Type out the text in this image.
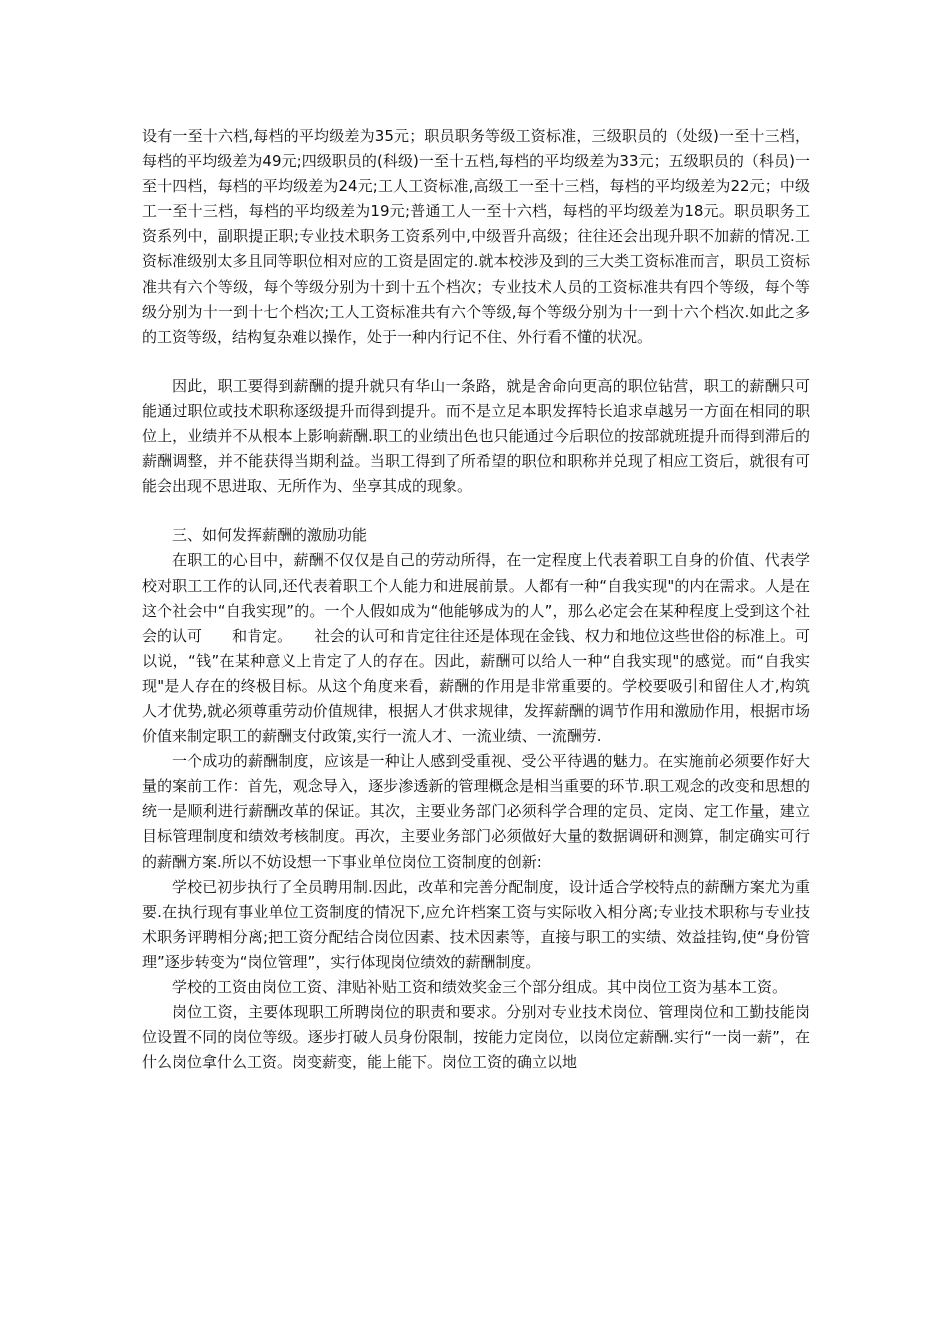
设有一至十六档,每档的平均级差为35元；职员职务等级工资标准，三级职员的（处级)一至十三档，每档的平均级差为49元;四级职员的(科级)一至十五档,每档的平均级差为33元；五级职员的（科员)一至十四档，每档的平均级差为24元;工人工资标准,高级工一至十三档，每档的平均级差为22元；中级工一至十三档，每档的平均级差为19元;普通工人一至十六档，每档的平均级差为18元。职员职务工资系列中，副职提正职;专业技术职务工资系列中,中级晋升高级；往往还会出现升职不加薪的情况.工资标准级别太多且同等职位相对应的工资是固定的.就本校涉及到的三大类工资标准而言，职员工资标准共有六个等级，每个等级分别为十到十五个档次；专业技术人员的工资标准共有四个等级，每个等级分别为十一到十七个档次;工人工资标准共有六个等级,每个等级分别为十一到十六个档次.如此之多的工资等级，结构复杂难以操作，处于一种内行记不住、外行看不懂的状况。

因此，职工要得到薪酬的提升就只有华山一条路，就是舍命向更高的职位钻营，职工的薪酬只可能通过职位或技术职称逐级提升而得到提升。而不是立足本职发挥特长追求卓越另一方面在相同的职位上，业绩并不从根本上影响薪酬.职工的业绩出色也只能通过今后职位的按部就班提升而得到滞后的薪酬调整，并不能获得当期利益。当职工得到了所希望的职位和职称并兑现了相应工资后，就很有可能会出现不思进取、无所作为、坐享其成的现象。

三、如何发挥薪酬的激励功能

在职工的心目中，薪酬不仅仅是自己的劳动所得，在一定程度上代表着职工自身的价值、代表学校对职工工作的认同,还代表着职工个人能力和进展前景。人都有一种“自我实现"的内在需求。人是在这个社会中“自我实现”的。一个人假如成为“他能够成为的人”，那么必定会在某种程度上受到这个社会的认可　　和肯定。　　社会的认可和肯定往往还是体现在金钱、权力和地位这些世俗的标准上。可以说，“钱”在某种意义上肯定了人的存在。因此，薪酬可以给人一种“自我实现"的感觉。而“自我实现"是人存在的终极目标。从这个角度来看，薪酬的作用是非常重要的。学校要吸引和留住人才,构筑人才优势,就必须尊重劳动价值规律，根据人才供求规律，发挥薪酬的调节作用和激励作用，根据市场价值来制定职工的薪酬支付政策,实行一流人才、一流业绩、一流酬劳.

一个成功的薪酬制度，应该是一种让人感到受重视、受公平待遇的魅力。在实施前必须要作好大量的案前工作：首先，观念导入，逐步渗透新的管理概念是相当重要的环节.职工观念的改变和思想的统一是顺利进行薪酬改革的保证。其次，主要业务部门必须科学合理的定员、定岗、定工作量，建立目标管理制度和绩效考核制度。再次，主要业务部门必须做好大量的数据调研和测算，制定确实可行的薪酬方案.所以不妨设想一下事业单位岗位工资制度的创新:

学校已初步执行了全员聘用制.因此，改革和完善分配制度，设计适合学校特点的薪酬方案尤为重要.在执行现有事业单位工资制度的情况下,应允许档案工资与实际收入相分离;专业技术职称与专业技术职务评聘相分离;把工资分配结合岗位因素、技术因素等，直接与职工的实绩、效益挂钩,使“身份管理”逐步转变为“岗位管理”，实行体现岗位绩效的薪酬制度。

学校的工资由岗位工资、津贴补贴工资和绩效奖金三个部分组成。其中岗位工资为基本工资。

岗位工资，主要体现职工所聘岗位的职责和要求。分别对专业技术岗位、管理岗位和工勤技能岗位设置不同的岗位等级。逐步打破人员身份限制，按能力定岗位，以岗位定薪酬.实行“一岗一薪”，在什么岗位拿什么工资。岗变薪变，能上能下。岗位工资的确立以地
